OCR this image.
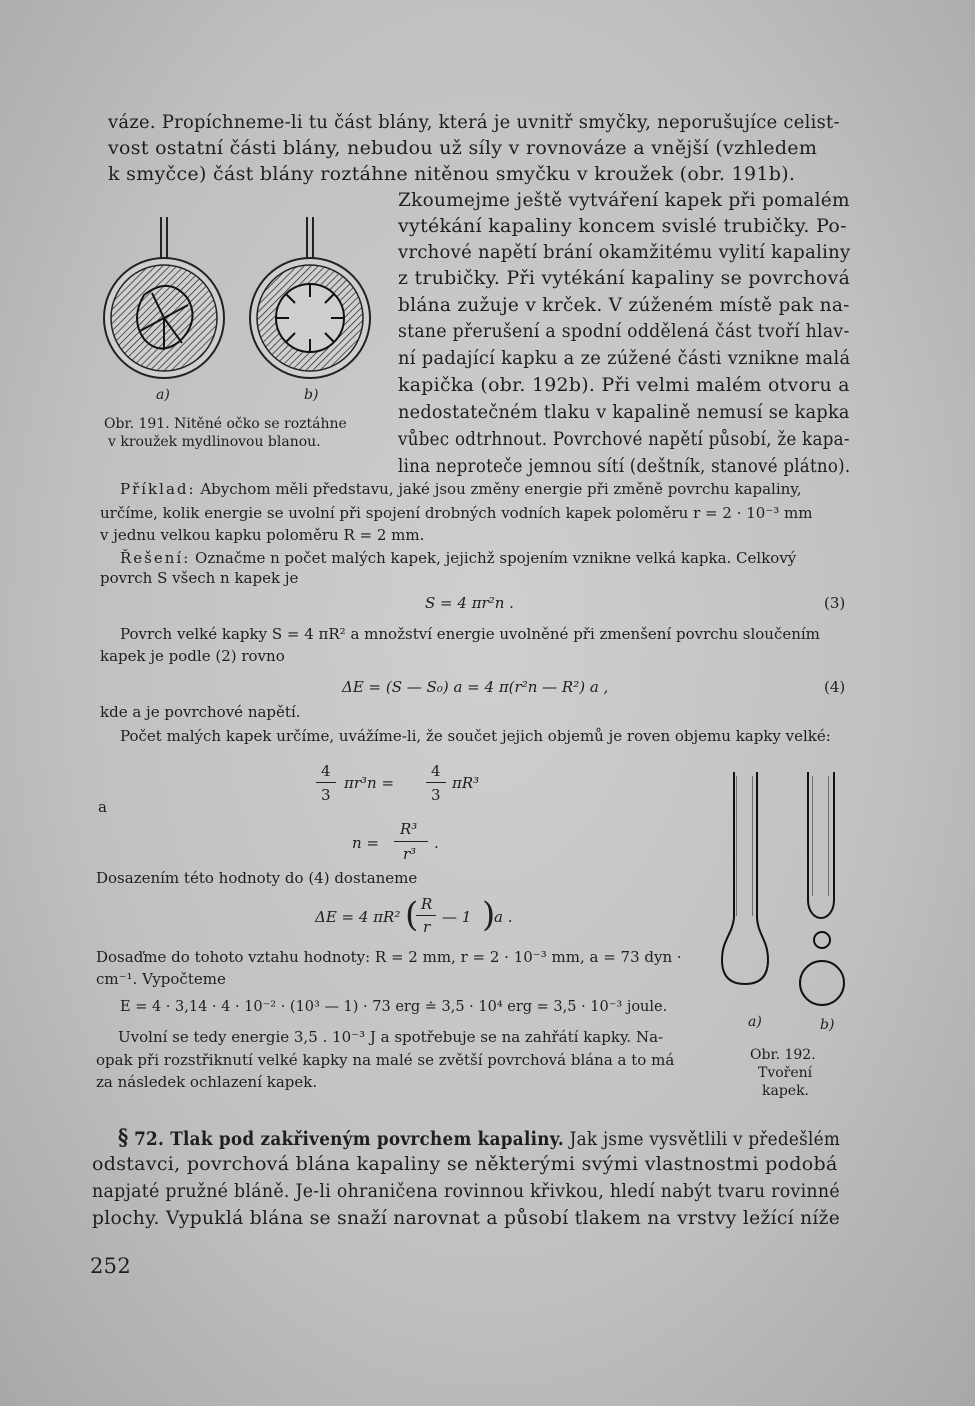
váze. Propíchneme-li tu část blány, která je uvnitř smyčky, neporušujíce celist-
vost ostatní části blány, nebudou už síly v rovnováze a vnější (vzhledem
k smyčce) část blány roztáhne nitěnou smyčku v kroužek (obr. 191b).
Zkoumejme ještě vytváření kapek při pomalém
vytékání kapaliny koncem svislé trubičky. Po-
vrchové napětí brání okamžitému vylití kapaliny
z trubičky. Při vytékání kapaliny se povrchová
blána zužuje v krček. V zúženém místě pak na-
stane přerušení a spodní oddělená část tvoří hlav-
ní padající kapku a ze zúžené části vznikne malá
kapička (obr. 192b). Při velmi malém otvoru a
nedostatečném tlaku v kapalině nemusí se kapka
vůbec odtrhnout. Povrchové napětí působí, že kapa-
lina neproteče jemnou sítí (deštník, stanové plátno).
a)	b)
Obr. 191. Nitěné očko se roztáhne
v kroužek mydlinovou blanou.
Příklad: Abychom měli představu, jaké jsou změny energie při změně povrchu kapaliny,
určíme, kolik energie se uvolní při spojení drobných vodních kapek poloměru r = 2 · 10⁻³ mm
v jednu velkou kapku poloměru R = 2 mm.
Řešení: Označme n počet malých kapek, jejichž spojením vznikne velká kapka. Celkový
povrch S všech n kapek je
S = 4 πr²n .	(3)
Povrch velké kapky S = 4 πR² a množství energie uvolněné při zmenšení povrchu sloučením
kapek je podle (2) rovno
ΔE = (S — S₀) a = 4 π(r²n — R²) a ,	(4)
kde a je povrchové napětí.
Počet malých kapek určíme, uvážíme-li, že součet jejich objemů je roven objemu kapky velké:
4
3
πr³n =
4
3
πR³
a
n =
R³
r³
.
Dosazením této hodnoty do (4) dostaneme
ΔE = 4 πR² ( R
r
— 1 )
a .
Dosaďme do tohoto vztahu hodnoty: R = 2 mm, r = 2 · 10⁻³ mm, a = 73 dyn ·
cm⁻¹. Vypočteme
E = 4 · 3,14 · 4 · 10⁻² · (10³ — 1) · 73 erg ≐ 3,5 · 10⁴ erg = 3,5 · 10⁻³ joule.
Uvolní se tedy energie 3,5 . 10⁻³ J a spotřebuje se na zahřátí kapky. Na-
opak při rozstřiknutí velké kapky na malé se zvětší povrchová blána a to má
za následek ochlazení kapek.
a)	b)
Obr. 192.
Tvoření
kapek.
§ 72. Tlak pod zakřiveným povrchem kapaliny. Jak jsme vysvětlili v předešlém
odstavci, povrchová blána kapaliny se některými svými vlastnostmi podobá
napjaté pružné bláně. Je-li ohraničena rovinnou křivkou, hledí nabýt tvaru rovinné
plochy. Vypuklá blána se snaží narovnat a působí tlakem na vrstvy ležící níže
252
